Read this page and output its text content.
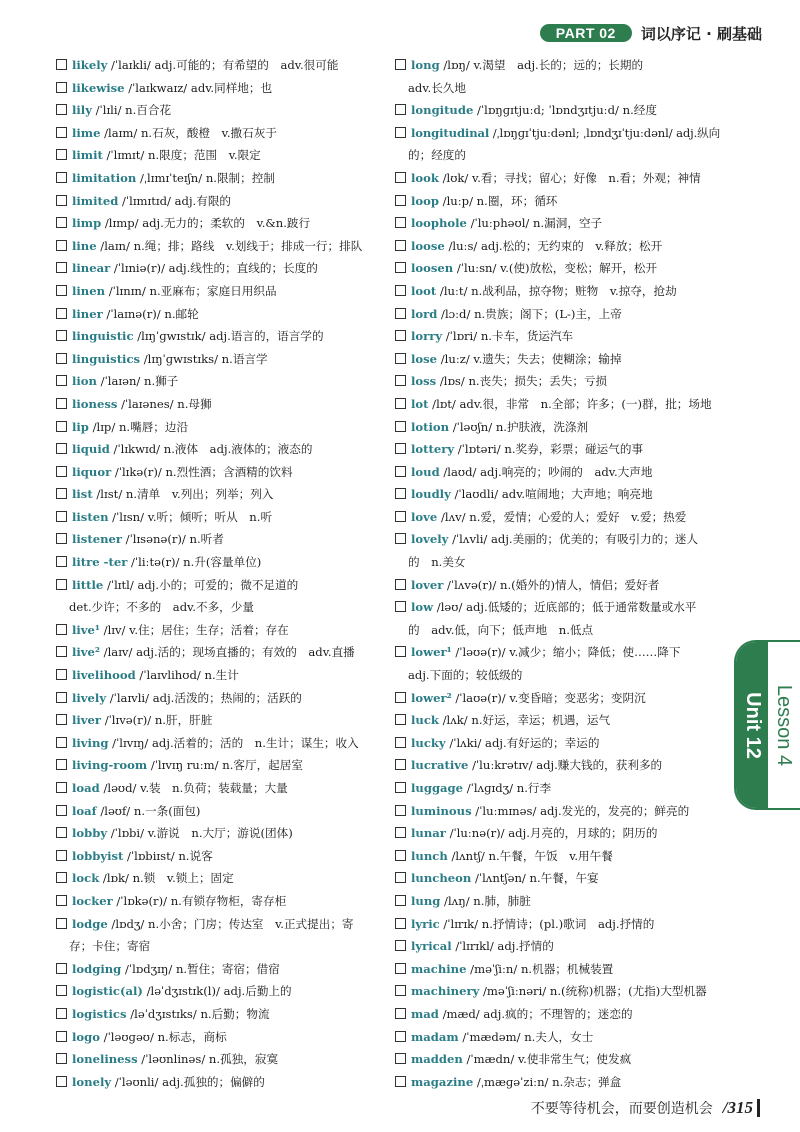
PART 02	词以序记 · 刷基础
likely /ˈlaɪkli/ adj.可能的；有希望的　adv.很可能
likewise /ˈlaɪkwaɪz/ adv.同样地；也
lily /ˈlɪli/ n.百合花
lime /laɪm/ n.石灰，酸橙　v.撒石灰于
limit /ˈlɪmɪt/ n.限度；范围　v.限定
limitation /ˌlɪmɪˈteɪʃn/ n.限制；控制
limited /ˈlɪmɪtɪd/ adj.有限的
limp /lɪmp/ adj.无力的；柔软的　v.&n.跛行
line /laɪn/ n.绳；排；路线　v.划线于；排成一行；排队
linear /ˈlɪniə(r)/ adj.线性的；直线的；长度的
linen /ˈlɪnɪn/ n.亚麻布；家庭日用织品
liner /ˈlaɪnə(r)/ n.邮轮
linguistic /lɪŋˈɡwɪstɪk/ adj.语言的，语言学的
linguistics /lɪŋˈɡwɪstɪks/ n.语言学
lion /ˈlaɪən/ n.狮子
lioness /ˈlaɪənes/ n.母狮
lip /lɪp/ n.嘴唇；边沿
liquid /ˈlɪkwɪd/ n.液体　adj.液体的；液态的
liquor /ˈlɪkə(r)/ n.烈性酒；含酒精的饮料
list /lɪst/ n.清单　v.列出；列举；列入
listen /ˈlɪsn/ v.听；倾听；听从　n.听
listener /ˈlɪsənə(r)/ n.听者
litre -ter /ˈliːtə(r)/ n.升(容量单位)
little /ˈlɪtl/ adj.小的；可爱的；微不足道的
det.少许；不多的　adv.不多，少量
live¹ /lɪv/ v.住；居住；生存；活着；存在
live² /laɪv/ adj.活的；现场直播的；有效的　adv.直播
livelihood /ˈlaɪvlihʊd/ n.生计
lively /ˈlaɪvli/ adj.活泼的；热闹的；活跃的
liver /ˈlɪvə(r)/ n.肝，肝脏
living /ˈlɪvɪŋ/ adj.活着的；活的　n.生计；谋生；收入
living-room /ˈlɪvɪŋ ruːm/ n.客厅，起居室
load /ləʊd/ v.装　n.负荷；装载量；大量
loaf /ləʊf/ n.一条(面包)
lobby /ˈlɒbi/ v.游说　n.大厅；游说(团体)
lobbyist /ˈlɒbiɪst/ n.说客
lock /lɒk/ n.锁　v.锁上；固定
locker /ˈlɒkə(r)/ n.有锁存物柜，寄存柜
lodge /lɒdʒ/ n.小舍；门房；传达室　v.正式提出；寄
存；卡住；寄宿
lodging /ˈlɒdʒɪŋ/ n.暂住；寄宿；借宿
logistic(al) /ləˈdʒɪstɪk(l)/ adj.后勤上的
logistics /ləˈdʒɪstɪks/ n.后勤；物流
logo /ˈləʊɡəʊ/ n.标志，商标
loneliness /ˈləʊnlinəs/ n.孤独，寂寞
lonely /ˈləʊnli/ adj.孤独的；偏僻的
long /lɒŋ/ v.渴望　adj.长的；远的；长期的
adv.长久地
longitude /ˈlɒŋɡɪtjuːd; ˈlɒndʒɪtjuːd/ n.经度
longitudinal /ˌlɒŋɡɪˈtjuːdənl; ˌlɒndʒɪˈtjuːdənl/ adj.纵向
的；经度的
look /lʊk/ v.看；寻找；留心；好像　n.看；外观；神情
loop /luːp/ n.圈，环；循环
loophole /ˈluːphəʊl/ n.漏洞，空子
loose /luːs/ adj.松的；无约束的　v.释放；松开
loosen /ˈluːsn/ v.(使)放松，变松；解开，松开
loot /luːt/ n.战利品，掠夺物；赃物　v.掠夺，抢劫
lord /lɔːd/ n.贵族；阁下；(L-)主，上帝
lorry /ˈlɒri/ n.卡车，货运汽车
lose /luːz/ v.遗失；失去；使糊涂；输掉
loss /lɒs/ n.丧失；损失；丢失；亏损
lot /lɒt/ adv.很，非常　n.全部；许多；(一)群，批；场地
lotion /ˈləʊʃn/ n.护肤液，洗涤剂
lottery /ˈlɒtəri/ n.奖券，彩票；碰运气的事
loud /laʊd/ adj.响亮的；吵闹的　adv.大声地
loudly /ˈlaʊdli/ adv.喧闹地；大声地；响亮地
love /lʌv/ n.爱，爱情；心爱的人；爱好　v.爱；热爱
lovely /ˈlʌvli/ adj.美丽的；优美的；有吸引力的；迷人
的　n.美女
lover /ˈlʌvə(r)/ n.(婚外的)情人，情侣；爱好者
low /ləʊ/ adj.低矮的；近底部的；低于通常数量或水平
的　adv.低，向下；低声地　n.低点
lower¹ /ˈləʊə(r)/ v.减少；缩小；降低；使……降下
adj.下面的；较低级的
lower² /ˈlaʊə(r)/ v.变昏暗；变恶劣；变阴沉
luck /lʌk/ n.好运，幸运；机遇，运气
lucky /ˈlʌki/ adj.有好运的；幸运的
lucrative /ˈluːkrətɪv/ adj.赚大钱的，获利多的
luggage /ˈlʌɡɪdʒ/ n.行李
luminous /ˈluːmɪnəs/ adj.发光的，发亮的；鲜亮的
lunar /ˈluːnə(r)/ adj.月亮的，月球的；阴历的
lunch /lʌntʃ/ n.午餐，午饭　v.用午餐
luncheon /ˈlʌntʃən/ n.午餐，午宴
lung /lʌŋ/ n.肺，肺脏
lyric /ˈlɪrɪk/ n.抒情诗；(pl.)歌词　adj.抒情的
lyrical /ˈlɪrɪkl/ adj.抒情的
machine /məˈʃiːn/ n.机器；机械装置
machinery /məˈʃiːnəri/ n.(统称)机器；(尤指)大型机器
mad /mæd/ adj.疯的；不理智的；迷恋的
madam /ˈmædəm/ n.夫人，女士
madden /ˈmædn/ v.使非常生气；使发疯
magazine /ˌmæɡəˈziːn/ n.杂志；弹盒
Unit 12 Lesson 4
不要等待机会，而要创造机会 /315
